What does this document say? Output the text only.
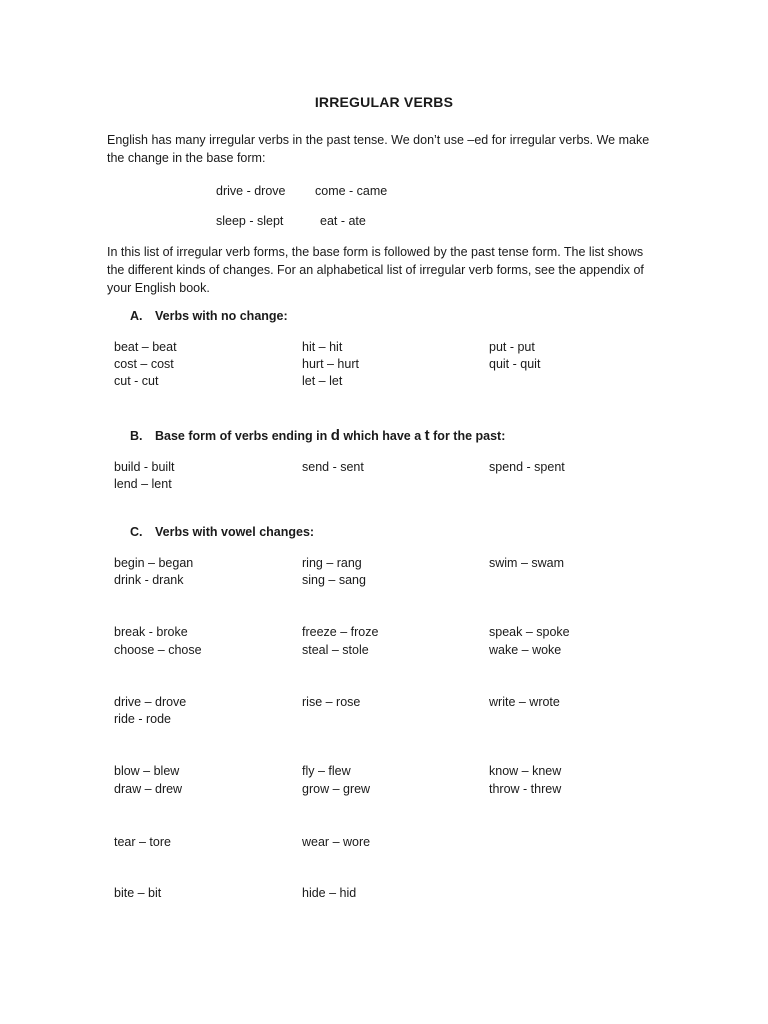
IRREGULAR VERBS
English has many irregular verbs in the past tense. We don’t use –ed for irregular verbs. We make
the change in the base form:
drive - drove come - came
sleep - slept	eat - ate
In this list of irregular verb forms, the base form is followed by the past tense form. The list shows
the different kinds of changes. For an alphabetical list of irregular verb forms, see the appendix of
your English book.
A. Verbs with no change:
beat – beat	hit – hit	put - put
cost – cost	hurt – hurt	quit - quit
cut - cut	let – let
B. Base form of verbs ending in d which have a t for the past:
build - built	send - sent	spend - spent
lend – lent
C. Verbs with vowel changes:
begin – began	ring – rang	swim – swam
drink - drank	sing – sang
break - broke	freeze – froze	speak – spoke
choose – chose	steal – stole	wake – woke
drive – drove	rise – rose	write – wrote
ride - rode
blow – blew	fly – flew	know – knew
draw – drew	grow – grew	throw - threw
tear – tore	wear – wore
bite – bit	hide – hid
